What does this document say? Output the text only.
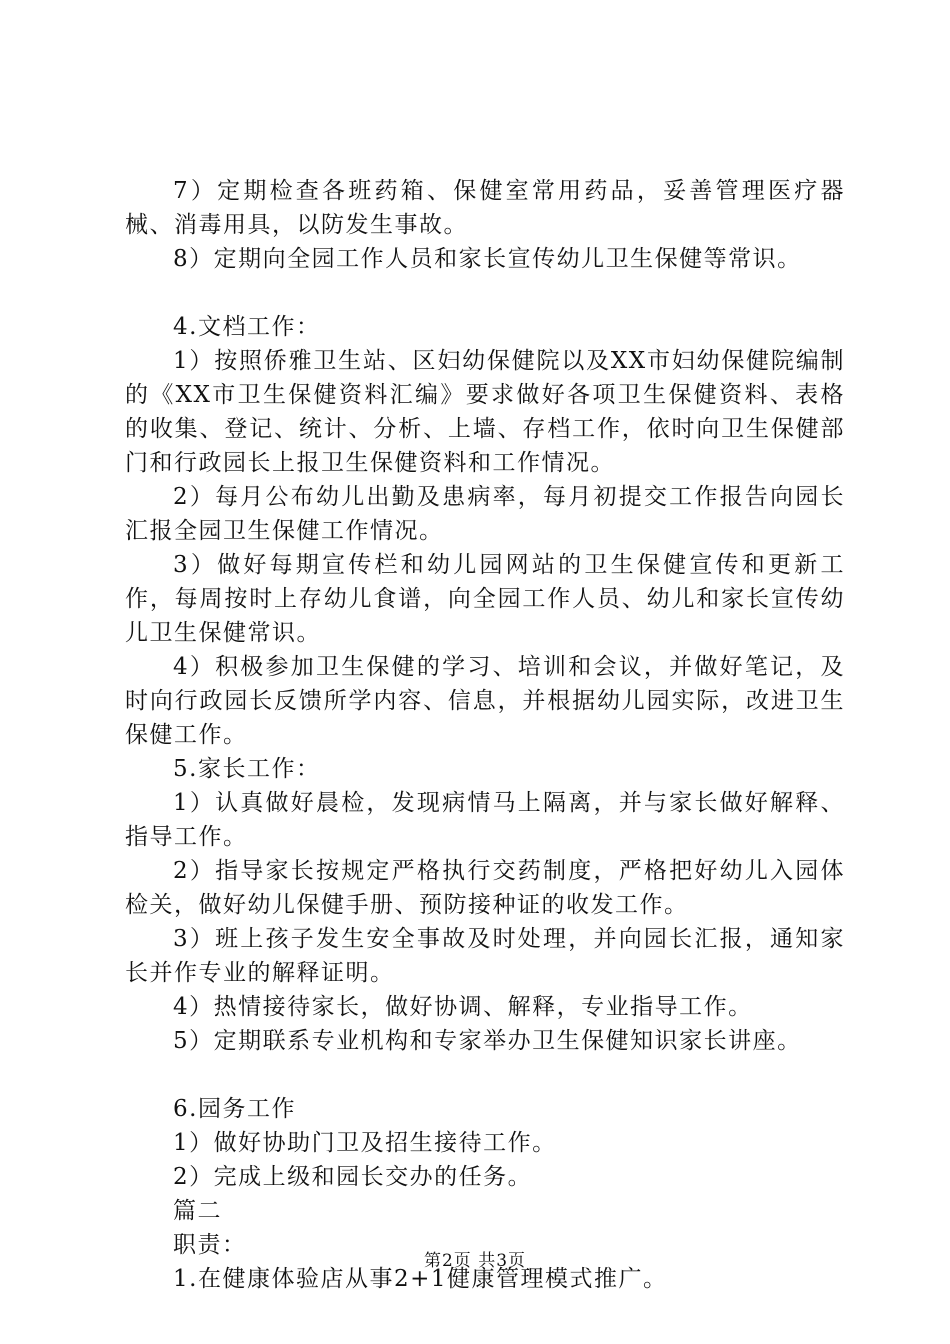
7）定期检查各班药箱、保健室常用药品，妥善管理医疗器械、消毒用具，以防发生事故。

8）定期向全园工作人员和家长宣传幼儿卫生保健等常识。

4.文档工作：

1）按照侨雅卫生站、区妇幼保健院以及XX市妇幼保健院编制的《XX市卫生保健资料汇编》要求做好各项卫生保健资料、表格的收集、登记、统计、分析、上墙、存档工作，依时向卫生保健部门和行政园长上报卫生保健资料和工作情况。

2）每月公布幼儿出勤及患病率，每月初提交工作报告向园长汇报全园卫生保健工作情况。

3）做好每期宣传栏和幼儿园网站的卫生保健宣传和更新工作，每周按时上存幼儿食谱，向全园工作人员、幼儿和家长宣传幼儿卫生保健常识。

4）积极参加卫生保健的学习、培训和会议，并做好笔记，及时向行政园长反馈所学内容、信息，并根据幼儿园实际，改进卫生保健工作。

5.家长工作：

1）认真做好晨检，发现病情马上隔离，并与家长做好解释、指导工作。

2）指导家长按规定严格执行交药制度，严格把好幼儿入园体检关，做好幼儿保健手册、预防接种证的收发工作。

3）班上孩子发生安全事故及时处理，并向园长汇报，通知家长并作专业的解释证明。

4）热情接待家长，做好协调、解释，专业指导工作。

5）定期联系专业机构和专家举办卫生保健知识家长讲座。

6.园务工作

1）做好协助门卫及招生接待工作。

2）完成上级和园长交办的任务。

篇二

职责：

1.在健康体验店从事2+1健康管理模式推广。

第2页 共3页
